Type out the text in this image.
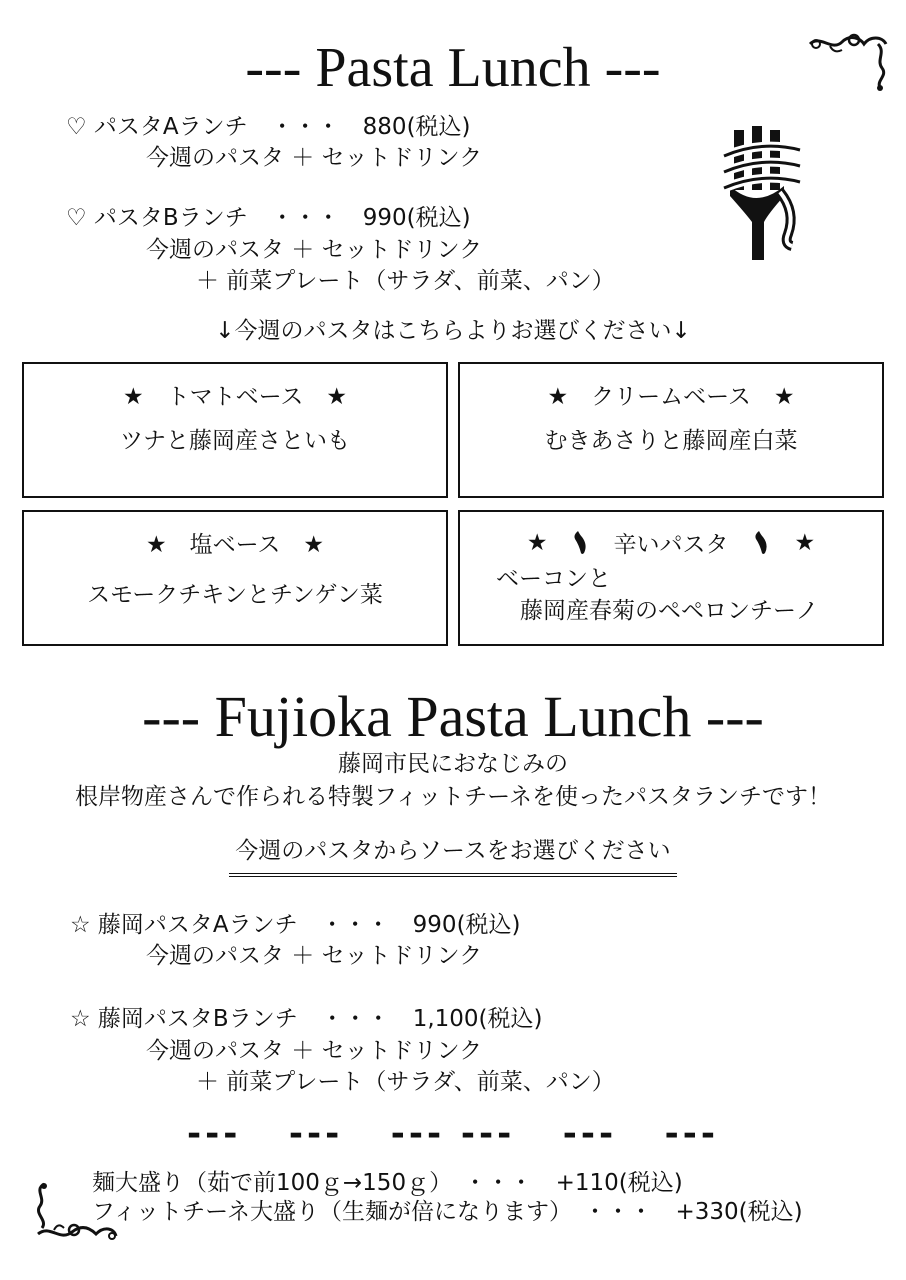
--- Pasta Lunch ---
♡ パスタAランチ　・・・　880(税込)
今週のパスタ ＋ セットドリンク
♡ パスタBランチ　・・・　990(税込)
今週のパスタ ＋ セットドリンク
＋ 前菜プレート（サラダ、前菜、パン）
↓今週のパスタはこちらよりお選びください↓
★　トマトベース　★
ツナと藤岡産さといも
★　クリームベース　★
むきあさりと藤岡産白菜
★　塩ベース　★
スモークチキンとチンゲン菜
★	辛いパスタ	★
ベーコンと
藤岡産春菊のペペロンチーノ
--- Fujioka Pasta Lunch ---
藤岡市民におなじみの
根岸物産さんで作られる特製フィットチーネを使ったパスタランチです！
今週のパスタからソースをお選びください
☆ 藤岡パスタAランチ　・・・　990(税込)
今週のパスタ ＋ セットドリンク
☆ 藤岡パスタBランチ　・・・　1,100(税込)
今週のパスタ ＋ セットドリンク
＋ 前菜プレート（サラダ、前菜、パン）
---   ---   --- ---   ---   ---
麺大盛り（茹で前100ｇ→150ｇ）　・・・　+110(税込)
フィットチーネ大盛り（生麺が倍になります）　・・・　+330(税込)
